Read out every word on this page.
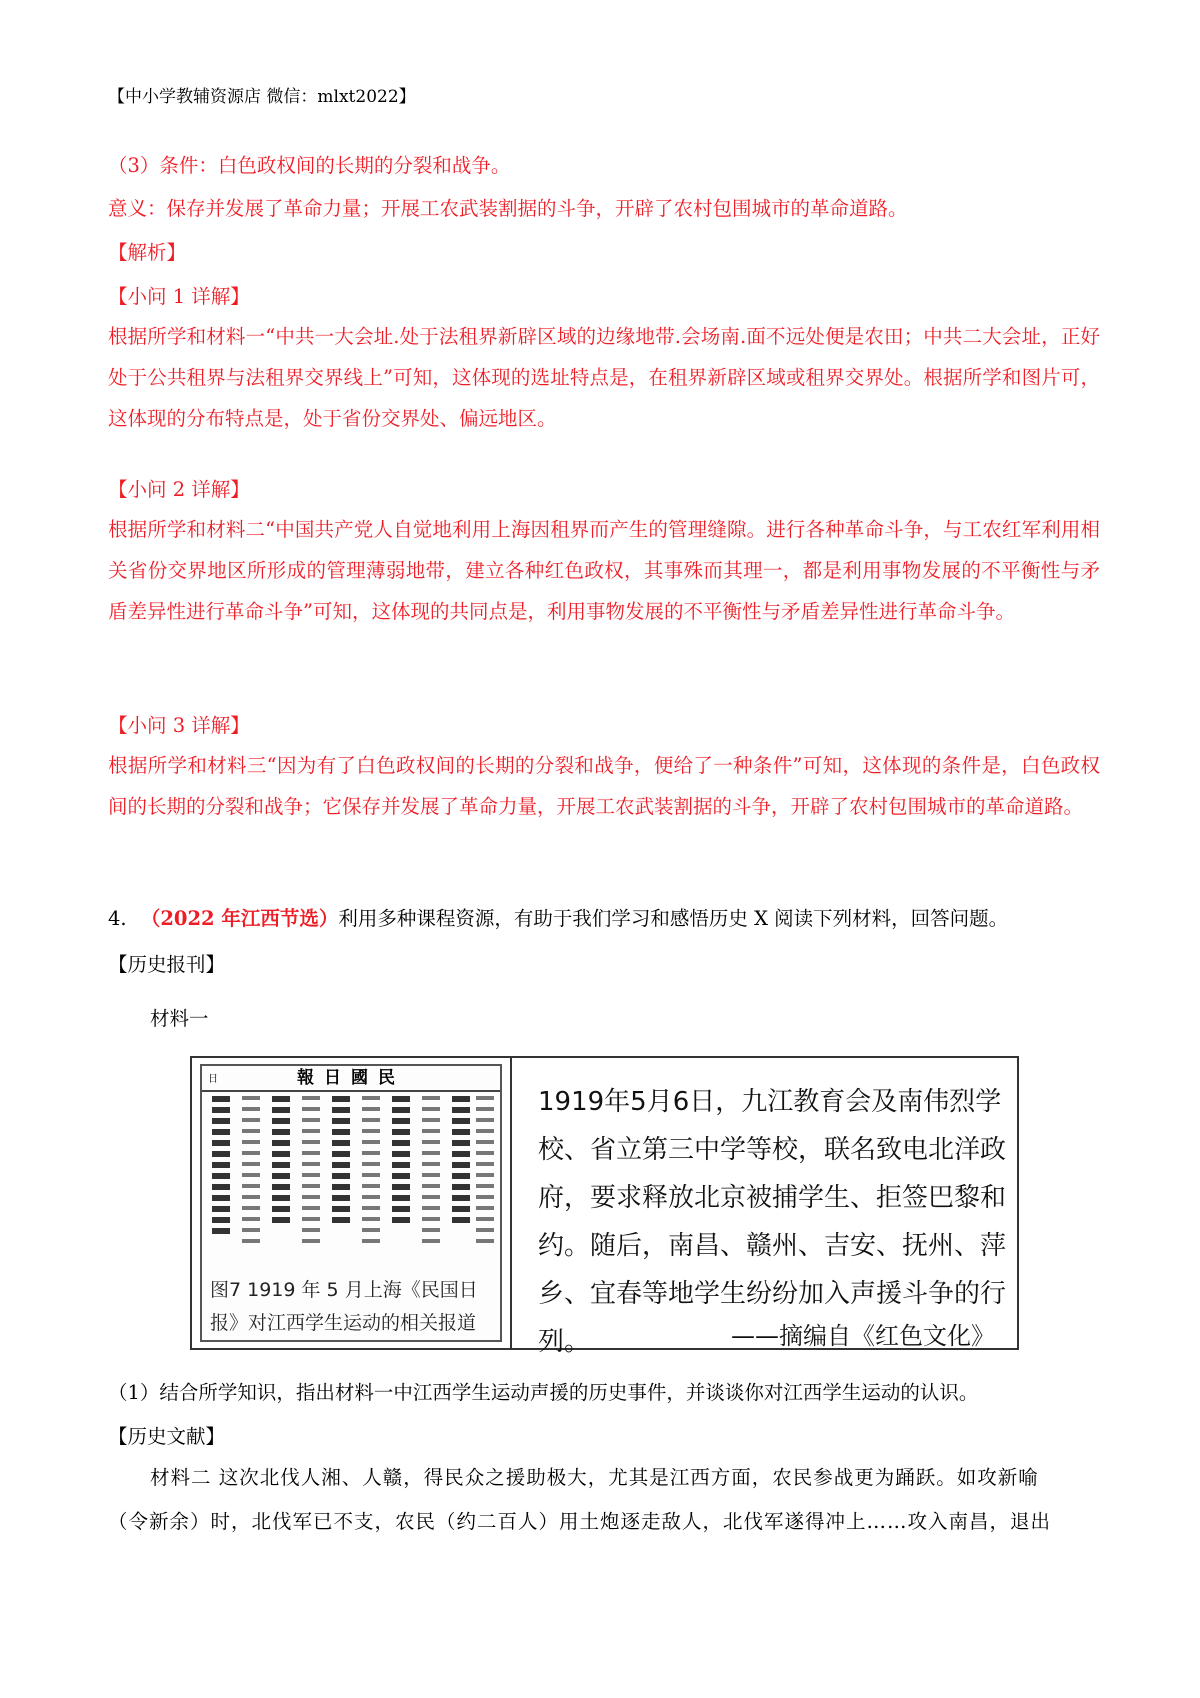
【中小学教辅资源店 微信：mlxt2022】
（3）条件：白色政权间的长期的分裂和战争。
意义：保存并发展了革命力量；开展工农武装割据的斗争，开辟了农村包围城市的革命道路。
【解析】
【小问 1 详解】
根据所学和材料一“中共一大会址.处于法租界新辟区域的边缘地带.会场南.面不远处便是农田；中共二大会址，正好处于公共租界与法租界交界线上”可知，这体现的选址特点是，在租界新辟区域或租界交界处。根据所学和图片可，这体现的分布特点是，处于省份交界处、偏远地区。
【小问 2 详解】
根据所学和材料二“中国共产党人自觉地利用上海因租界而产生的管理缝隙。进行各种革命斗争，与工农红军利用相关省份交界地区所形成的管理薄弱地带，建立各种红色政权，其事殊而其理一，都是利用事物发展的不平衡性与矛盾差异性进行革命斗争”可知，这体现的共同点是，利用事物发展的不平衡性与矛盾差异性进行革命斗争。
【小问 3 详解】
根据所学和材料三“因为有了白色政权间的长期的分裂和战争，便给了一种条件”可知，这体现的条件是，白色政权间的长期的分裂和战争；它保存并发展了革命力量，开展工农武装割据的斗争，开辟了农村包围城市的革命道路。
4. （2022 年江西节选）利用多种课程资源，有助于我们学习和感悟历史 X 阅读下列材料，回答问题。
【历史报刊】
材料一
日	報日國民
图7 1919 年 5 月上海《民国日报》对江西学生运动的相关报道
1919年5月6日，九江教育会及南伟烈学校、省立第三中学等校，联名致电北洋政府，要求释放北京被捕学生、拒签巴黎和约。随后，南昌、赣州、吉安、抚州、萍乡、宜春等地学生纷纷加入声援斗争的行列。	——摘编自《红色文化》
（1）结合所学知识，指出材料一中江西学生运动声援的历史事件，并谈谈你对江西学生运动的认识。
【历史文献】
材料二 这次北伐人湘、人赣，得民众之援助极大，尤其是江西方面，农民参战更为踊跃。如攻新喻
（令新余）时，北伐军已不支，农民（约二百人）用土炮逐走敌人，北伐军遂得冲上……攻入南昌，退出
